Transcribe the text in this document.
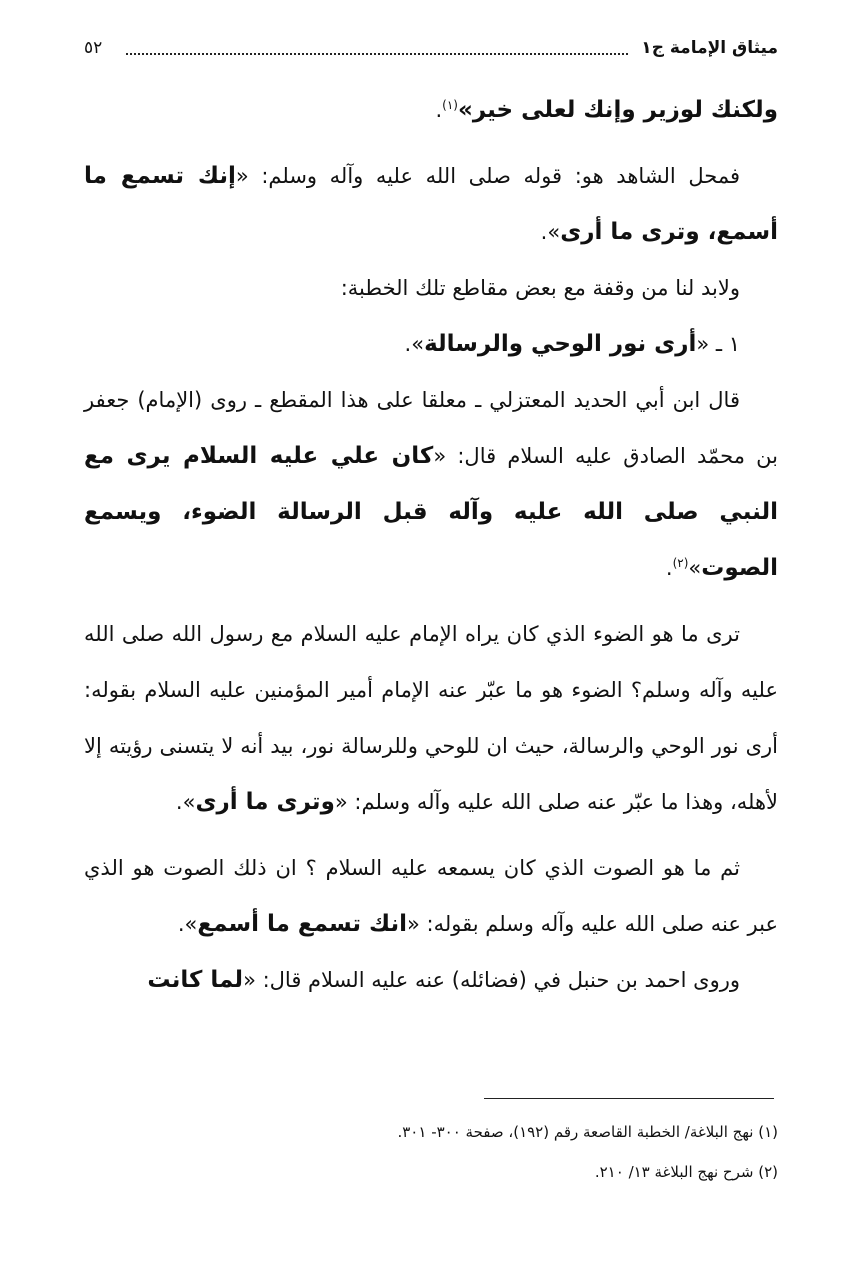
ميثاق الإمامة ج١
٥٢

ولكنك لوزير وإنك لعلى خير»$^{(١)}$.

فمحل الشاهد هو: قوله صلى الله عليه وآله وسلم: «إنك تسمع ما أسمع، وترى ما أرى».

ولابد لنا من وقفة مع بعض مقاطع تلك الخطبة:

١ ـ «أرى نور الوحي والرسالة».

قال ابن أبي الحديد المعتزلي ـ معلقا على هذا المقطع ـ روى (الإمام) جعفر بن محمّد الصادق عليه السلام قال: «كان علي عليه السلام يرى مع النبي صلى الله عليه وآله قبل الرسالة الضوء، ويسمع الصوت»$^{(٢)}$.

ترى ما هو الضوء الذي كان يراه الإمام عليه السلام مع رسول الله صلى الله عليه وآله وسلم؟ الضوء هو ما عبّر عنه الإمام أمير المؤمنين عليه السلام بقوله: أرى نور الوحي والرسالة، حيث ان للوحي وللرسالة نور، بيد أنه لا يتسنى رؤيته إلا لأهله، وهذا ما عبّر عنه صلى الله عليه وآله وسلم: «وترى ما أرى».

ثم ما هو الصوت الذي كان يسمعه عليه السلام ؟ ان ذلك الصوت هو الذي عبر عنه صلى الله عليه وآله وسلم بقوله: «انك تسمع ما أسمع».

وروى احمد بن حنبل في (فضائله) عنه عليه السلام قال: «لما كانت

(١) نهج البلاغة/ الخطبة القاصعة رقم (١٩٢)، صفحة ٣٠٠- ٣٠١.

(٢) شرح نهج البلاغة ١٣/ ٢١٠.
